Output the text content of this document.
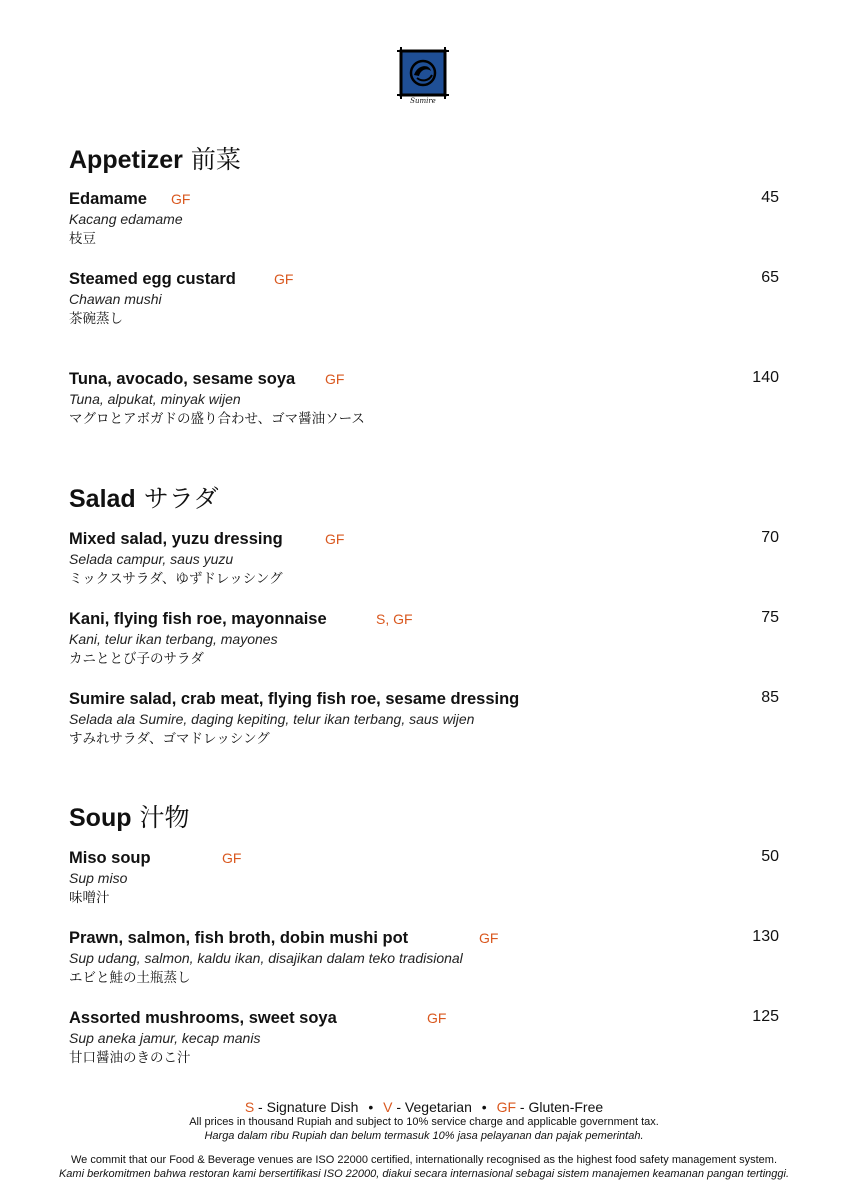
Sumire
Appetizer 前菜
Edamame	GF	45
Kacang edamame
枝豆
Steamed egg custard	GF	65
Chawan mushi
茶碗蒸し
Tuna, avocado, sesame soya	GF	140
Tuna, alpukat, minyak wijen
マグロとアボガドの盛り合わせ、ゴマ醤油ソース
Salad サラダ
Mixed salad, yuzu dressing	GF	70
Selada campur, saus yuzu
ミックスサラダ、ゆずドレッシング
Kani, flying fish roe, mayonnaise	S, GF	75
Kani, telur ikan terbang, mayones
カニととび子のサラダ
Sumire salad, crab meat, flying fish roe, sesame dressing	85
Selada ala Sumire, daging kepiting, telur ikan terbang, saus wijen
すみれサラダ、ゴマドレッシング
Soup 汁物
Miso soup	GF	50
Sup miso
味噌汁
Prawn, salmon, fish broth, dobin mushi pot	GF	130
Sup udang, salmon, kaldu ikan, disajikan dalam teko tradisional
エビと鮭の土瓶蒸し
Assorted mushrooms, sweet soya	GF	125
Sup aneka jamur, kecap manis
甘口醤油のきのこ汁
S - Signature Dish • V - Vegetarian • GF - Gluten-Free
All prices in thousand Rupiah and subject to 10% service charge and applicable government tax.
Harga dalam ribu Rupiah dan belum termasuk 10% jasa pelayanan dan pajak pemerintah.
We commit that our Food & Beverage venues are ISO 22000 certified, internationally recognised as the highest food safety management system.
Kami berkomitmen bahwa restoran kami bersertifikasi ISO 22000, diakui secara internasional sebagai sistem manajemen keamanan pangan tertinggi.
